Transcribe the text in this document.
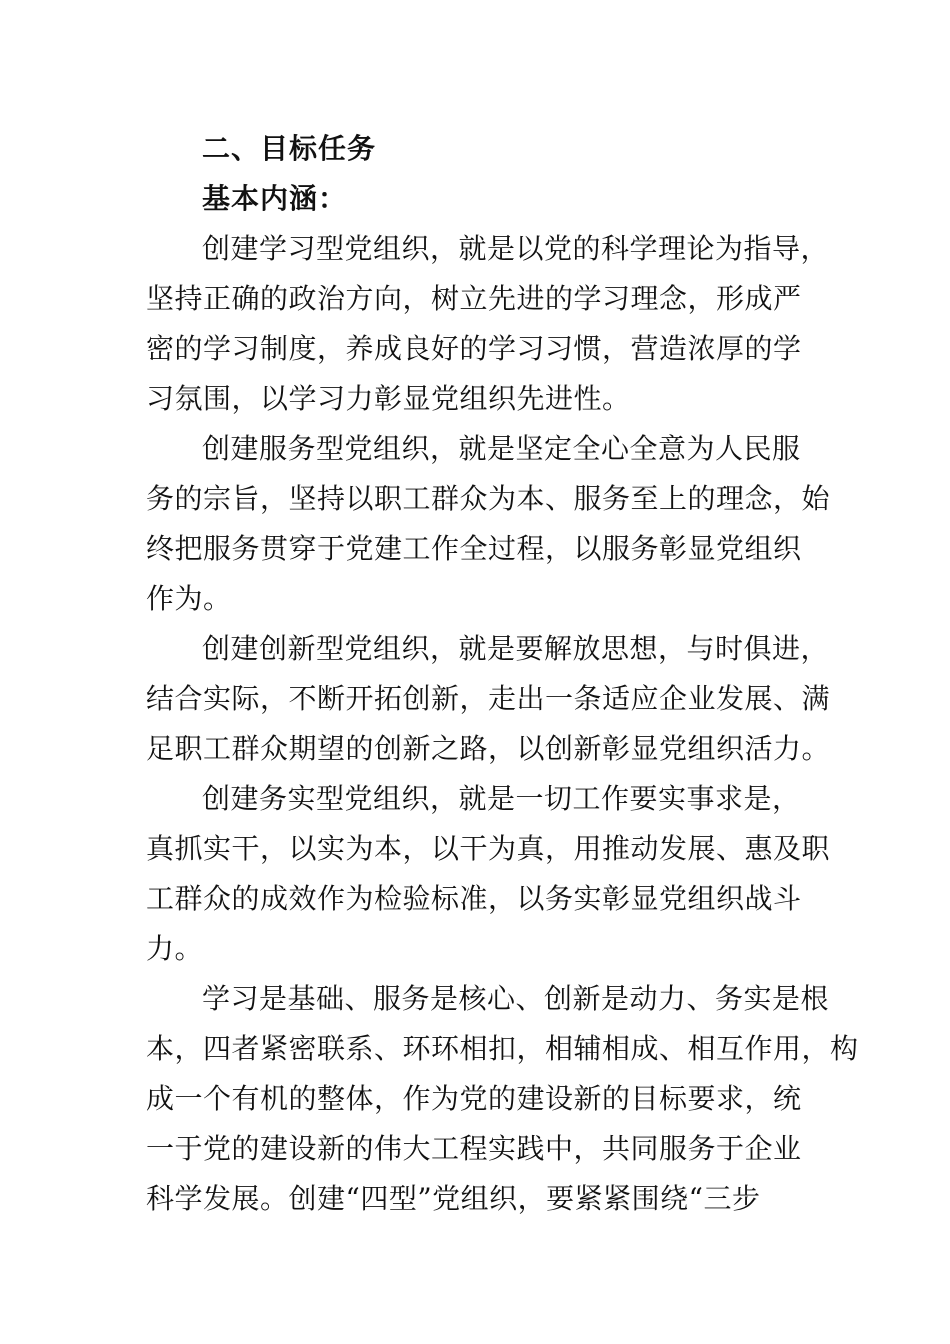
二、目标任务
基本内涵：
创建学习型党组织，就是以党的科学理论为指导，
坚持正确的政治方向，树立先进的学习理念，形成严
密的学习制度，养成良好的学习习惯，营造浓厚的学
习氛围，以学习力彰显党组织先进性。
创建服务型党组织，就是坚定全心全意为人民服
务的宗旨，坚持以职工群众为本、服务至上的理念，始
终把服务贯穿于党建工作全过程，以服务彰显党组织
作为。
创建创新型党组织，就是要解放思想，与时俱进，
结合实际，不断开拓创新，走出一条适应企业发展、满
足职工群众期望的创新之路，以创新彰显党组织活力。
创建务实型党组织，就是一切工作要实事求是，
真抓实干，以实为本，以干为真，用推动发展、惠及职
工群众的成效作为检验标准，以务实彰显党组织战斗
力。
学习是基础、服务是核心、创新是动力、务实是根
本，四者紧密联系、环环相扣，相辅相成、相互作用，构
成一个有机的整体，作为党的建设新的目标要求，统
一于党的建设新的伟大工程实践中，共同服务于企业
科学发展。创建“四型”党组织，要紧紧围绕“三步
